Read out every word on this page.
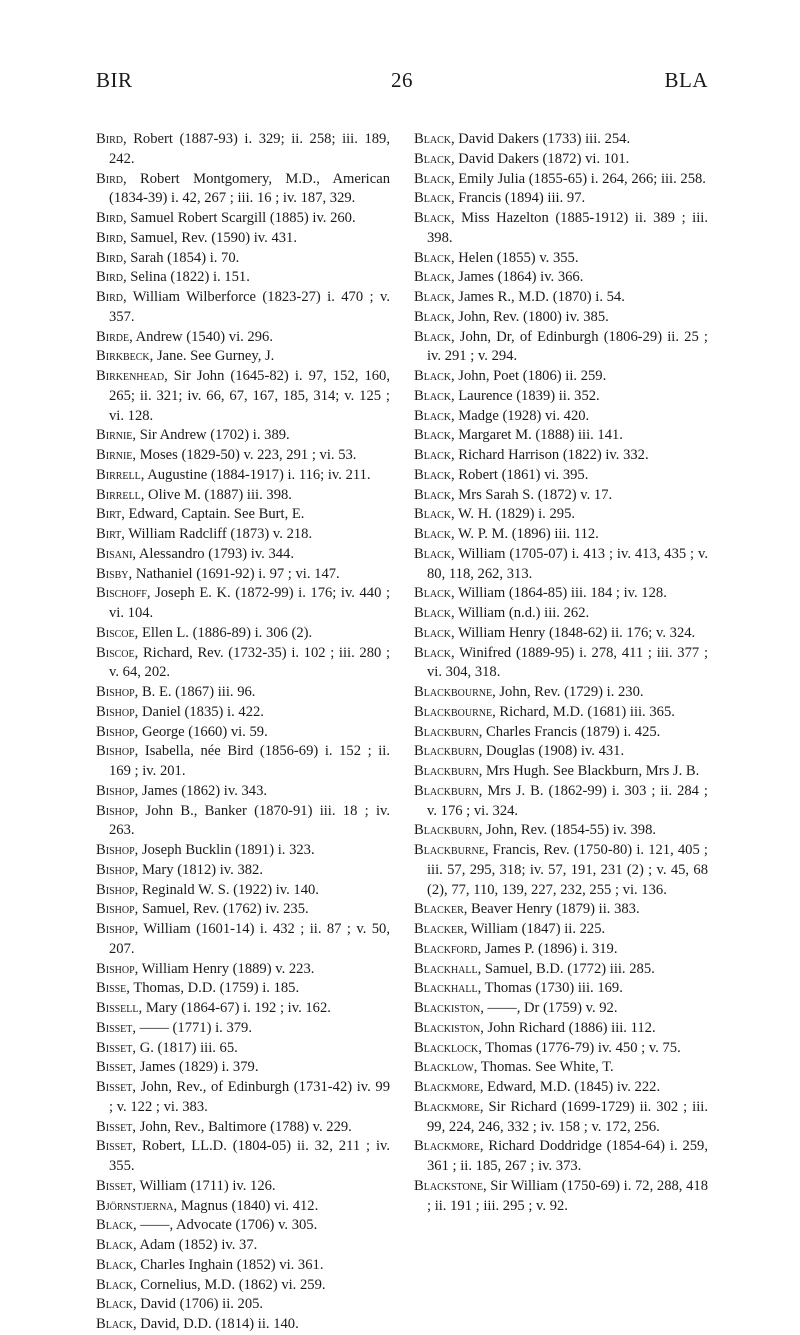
BIR	26	BLA
Bird, Robert (1887-93) i. 329; ii. 258; iii. 189, 242.
Bird, Robert Montgomery, M.D., American (1834-39) i. 42, 267 ; iii. 16 ; iv. 187, 329.
Bird, Samuel Robert Scargill (1885) iv. 260.
Bird, Samuel, Rev. (1590) iv. 431.
Bird, Sarah (1854) i. 70.
Bird, Selina (1822) i. 151.
Bird, William Wilberforce (1823-27) i. 470 ; v. 357.
Birde, Andrew (1540) vi. 296.
Birkbeck, Jane. See Gurney, J.
Birkenhead, Sir John (1645-82) i. 97, 152, 160, 265; ii. 321; iv. 66, 67, 167, 185, 314; v. 125 ; vi. 128.
Birnie, Sir Andrew (1702) i. 389.
Birnie, Moses (1829-50) v. 223, 291 ; vi. 53.
Birrell, Augustine (1884-1917) i. 116; iv. 211.
Birrell, Olive M. (1887) iii. 398.
Birt, Edward, Captain. See Burt, E.
Birt, William Radcliff (1873) v. 218.
Bisani, Alessandro (1793) iv. 344.
Bisby, Nathaniel (1691-92) i. 97 ; vi. 147.
Bischoff, Joseph E. K. (1872-99) i. 176; iv. 440 ; vi. 104.
Biscoe, Ellen L. (1886-89) i. 306 (2).
Biscoe, Richard, Rev. (1732-35) i. 102 ; iii. 280 ; v. 64, 202.
Bishop, B. E. (1867) iii. 96.
Bishop, Daniel (1835) i. 422.
Bishop, George (1660) vi. 59.
Bishop, Isabella, née Bird (1856-69) i. 152 ; ii. 169 ; iv. 201.
Bishop, James (1862) iv. 343.
Bishop, John B., Banker (1870-91) iii. 18 ; iv. 263.
Bishop, Joseph Bucklin (1891) i. 323.
Bishop, Mary (1812) iv. 382.
Bishop, Reginald W. S. (1922) iv. 140.
Bishop, Samuel, Rev. (1762) iv. 235.
Bishop, William (1601-14) i. 432 ; ii. 87 ; v. 50, 207.
Bishop, William Henry (1889) v. 223.
Bisse, Thomas, D.D. (1759) i. 185.
Bissell, Mary (1864-67) i. 192 ; iv. 162.
Bisset, —— (1771) i. 379.
Bisset, G. (1817) iii. 65.
Bisset, James (1829) i. 379.
Bisset, John, Rev., of Edinburgh (1731-42) iv. 99 ; v. 122 ; vi. 383.
Bisset, John, Rev., Baltimore (1788) v. 229.
Bisset, Robert, LL.D. (1804-05) ii. 32, 211 ; iv. 355.
Bisset, William (1711) iv. 126.
Björnstjerna, Magnus (1840) vi. 412.
Black, ——, Advocate (1706) v. 305.
Black, Adam (1852) iv. 37.
Black, Charles Inghain (1852) vi. 361.
Black, Cornelius, M.D. (1862) vi. 259.
Black, David (1706) ii. 205.
Black, David, D.D. (1814) ii. 140.
Black, David Dakers (1733) iii. 254.
Black, David Dakers (1872) vi. 101.
Black, Emily Julia (1855-65) i. 264, 266; iii. 258.
Black, Francis (1894) iii. 97.
Black, Miss Hazelton (1885-1912) ii. 389 ; iii. 398.
Black, Helen (1855) v. 355.
Black, James (1864) iv. 366.
Black, James R., M.D. (1870) i. 54.
Black, John, Rev. (1800) iv. 385.
Black, John, Dr, of Edinburgh (1806-29) ii. 25 ; iv. 291 ; v. 294.
Black, John, Poet (1806) ii. 259.
Black, Laurence (1839) ii. 352.
Black, Madge (1928) vi. 420.
Black, Margaret M. (1888) iii. 141.
Black, Richard Harrison (1822) iv. 332.
Black, Robert (1861) vi. 395.
Black, Mrs Sarah S. (1872) v. 17.
Black, W. H. (1829) i. 295.
Black, W. P. M. (1896) iii. 112.
Black, William (1705-07) i. 413 ; iv. 413, 435 ; v. 80, 118, 262, 313.
Black, William (1864-85) iii. 184 ; iv. 128.
Black, William (n.d.) iii. 262.
Black, William Henry (1848-62) ii. 176; v. 324.
Black, Winifred (1889-95) i. 278, 411 ; iii. 377 ; vi. 304, 318.
Blackbourne, John, Rev. (1729) i. 230.
Blackbourne, Richard, M.D. (1681) iii. 365.
Blackburn, Charles Francis (1879) i. 425.
Blackburn, Douglas (1908) iv. 431.
Blackburn, Mrs Hugh. See Blackburn, Mrs J. B.
Blackburn, Mrs J. B. (1862-99) i. 303 ; ii. 284 ; v. 176 ; vi. 324.
Blackburn, John, Rev. (1854-55) iv. 398.
Blackburne, Francis, Rev. (1750-80) i. 121, 405 ; iii. 57, 295, 318; iv. 57, 191, 231 (2) ; v. 45, 68 (2), 77, 110, 139, 227, 232, 255 ; vi. 136.
Blacker, Beaver Henry (1879) ii. 383.
Blacker, William (1847) ii. 225.
Blackford, James P. (1896) i. 319.
Blackhall, Samuel, B.D. (1772) iii. 285.
Blackhall, Thomas (1730) iii. 169.
Blackiston, ——, Dr (1759) v. 92.
Blackiston, John Richard (1886) iii. 112.
Blacklock, Thomas (1776-79) iv. 450 ; v. 75.
Blacklow, Thomas. See White, T.
Blackmore, Edward, M.D. (1845) iv. 222.
Blackmore, Sir Richard (1699-1729) ii. 302 ; iii. 99, 224, 246, 332 ; iv. 158 ; v. 172, 256.
Blackmore, Richard Doddridge (1854-64) i. 259, 361 ; ii. 185, 267 ; iv. 373.
Blackstone, Sir William (1750-69) i. 72, 288, 418 ; ii. 191 ; iii. 295 ; v. 92.
